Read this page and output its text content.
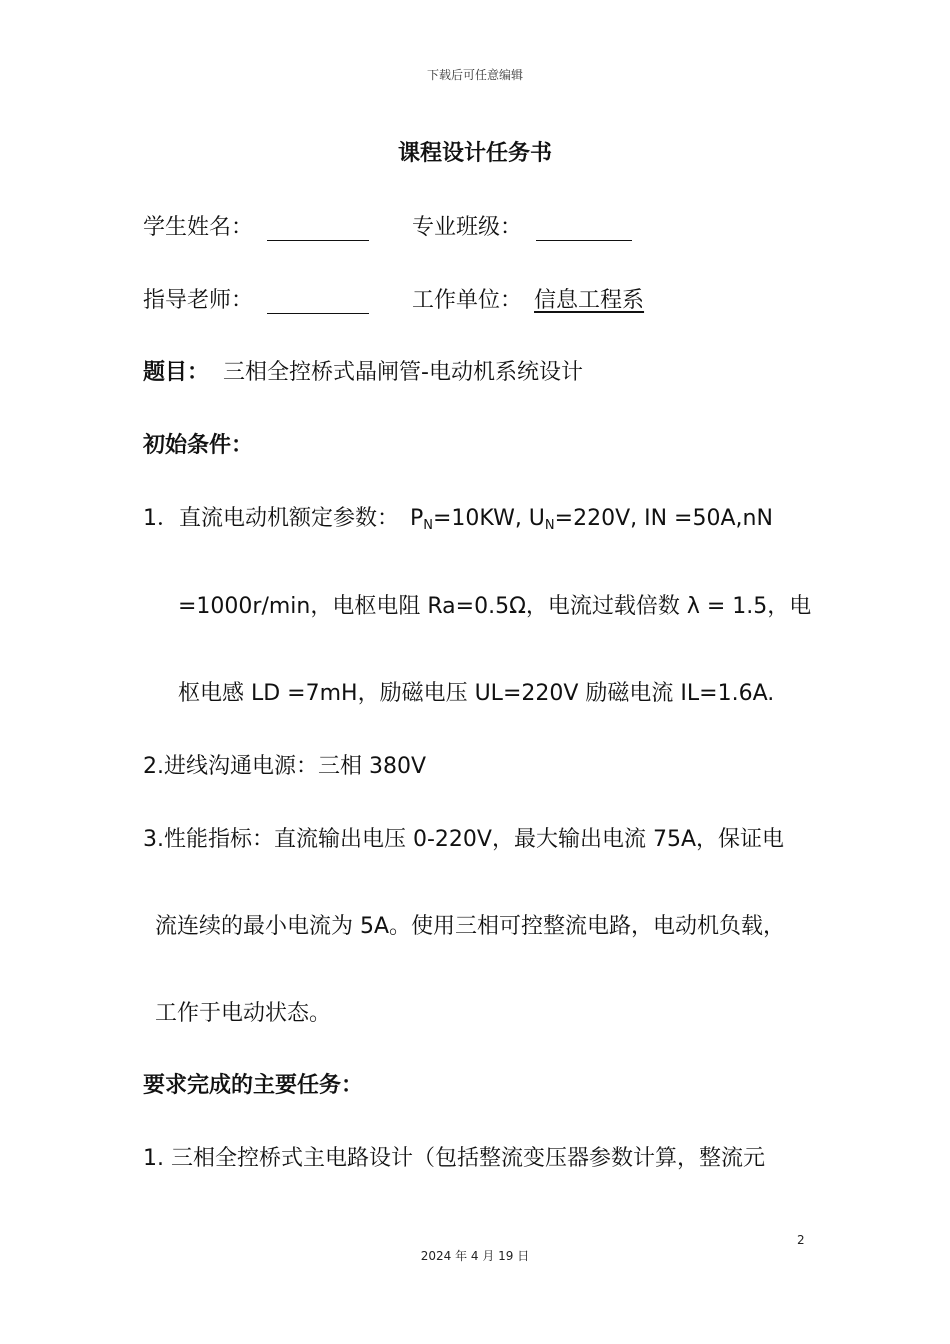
下载后可任意编辑
课程设计任务书
学生姓名：	专业班级：
指导老师：	工作单位： 信息工程系
题目： 三相全控桥式晶闸管-电动机系统设计
初始条件：
1．直流电动机额定参数：　$P_N=10KW$, $U_N=220V$, IN =50A,nN
=1000r/min，电枢电阻 Ra=0.5Ω，电流过载倍数 λ = 1.5，电
枢电感 LD =7mH，励磁电压 UL=220V 励磁电流 IL=1.6A.
2.进线沟通电源：三相 380V
3.性能指标：直流输出电压 0-220V，最大输出电流 75A，保证电
流连续的最小电流为 5A。使用三相可控整流电路，电动机负载，
工作于电动状态。
要求完成的主要任务：
1. 三相全控桥式主电路设计（包括整流变压器参数计算，整流元
2
2024 年 4 月 19 日
